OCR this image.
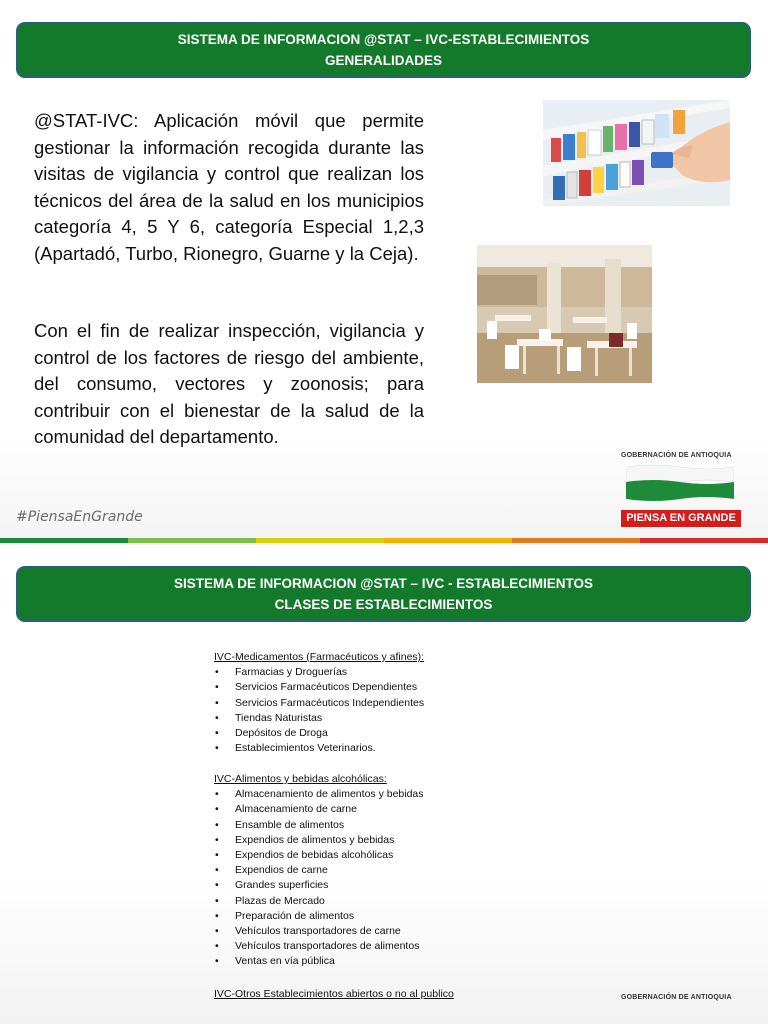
SISTEMA DE INFORMACION @STAT – IVC-ESTABLECIMIENTOS
GENERALIDADES

@STAT-IVC: Aplicación móvil que permite gestionar la información recogida durante las visitas de vigilancia y control que realizan los técnicos del área de la salud en los municipios categoría 4, 5 Y 6, categoría Especial 1,2,3 (Apartadó, Turbo, Rionegro, Guarne y la Ceja).

Con el fin de realizar inspección, vigilancia y control de los factores de riesgo del ambiente, del consumo, vectores y zoonosis; para contribuir con el bienestar de la salud de la comunidad del departamento.

#PiensaEnGrande
GOBERNACIÓN DE ANTIOQUIA
PIENSA EN GRANDE
SISTEMA DE INFORMACION @STAT – IVC - ESTABLECIMIENTOS
CLASES DE ESTABLECIMIENTOS
GOBERNACIÓN DE ANTIOQUIA

IVC-Medicamentos (Farmacéuticos y afines):

• Farmacias y Droguerías
• Servicios Farmacéuticos Dependientes
• Servicios Farmacéuticos Independientes
• Tiendas Naturistas
• Depósitos de Droga
• Establecimientos Veterinarios.

IVC-Alimentos y bebidas alcohólicas:

• Almacenamiento de alimentos y bebidas
• Almacenamiento de carne
• Ensamble de alimentos
• Expendios de alimentos y bebidas
• Expendios de bebidas alcohólicas
• Expendios de carne
• Grandes superficies
• Plazas de Mercado
• Preparación de alimentos
• Vehículos transportadores de carne
• Vehículos transportadores de alimentos
• Ventas en vía pública

IVC-Otros Establecimientos abiertos o no al publico
